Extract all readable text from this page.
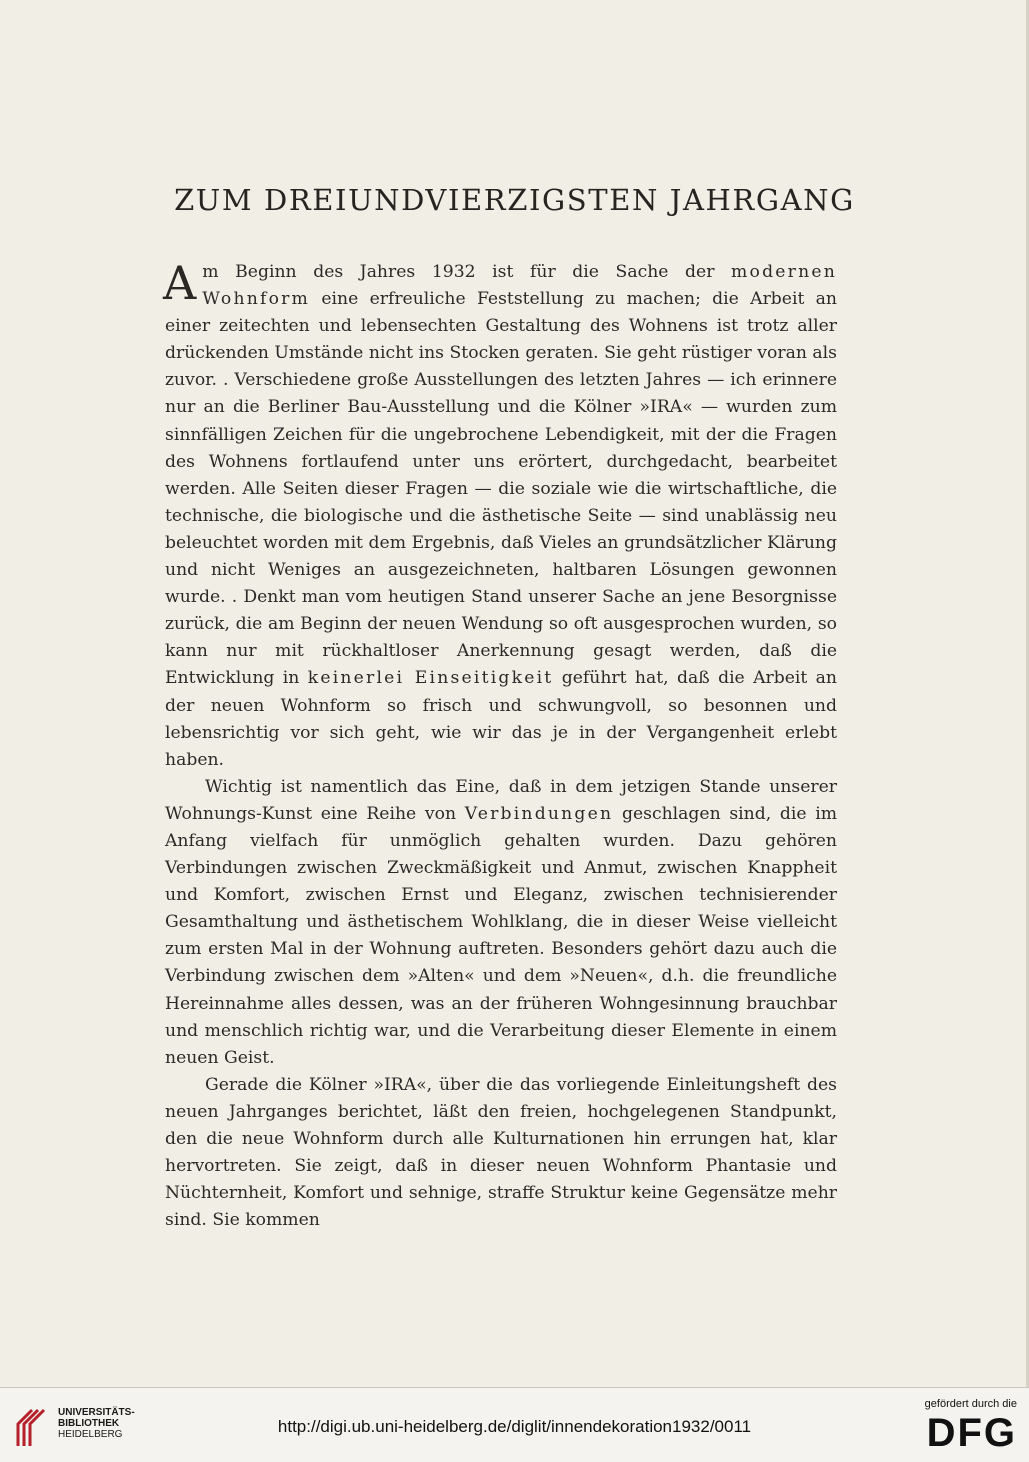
ZUM DREIUNDVIERZIGSTEN JAHRGANG

Am Beginn des Jahres 1932 ist für die Sache der modernen Wohnform eine erfreuliche Feststellung zu machen; die Arbeit an einer zeitechten und lebensechten Gestaltung des Wohnens ist trotz aller drückenden Umstände nicht ins Stocken geraten. Sie geht rüstiger voran als zuvor. . Verschiedene große Ausstellungen des letzten Jahres — ich erinnere nur an die Berliner Bau-Ausstellung und die Kölner »IRA« — wurden zum sinnfälligen Zeichen für die ungebrochene Lebendigkeit, mit der die Fragen des Wohnens fortlaufend unter uns erörtert, durchgedacht, bearbeitet werden. Alle Seiten dieser Fragen — die soziale wie die wirtschaftliche, die technische, die biologische und die ästhetische Seite — sind unablässig neu beleuchtet worden mit dem Ergebnis, daß Vieles an grundsätzlicher Klärung und nicht Weniges an ausgezeichneten, haltbaren Lösungen gewonnen wurde. . Denkt man vom heutigen Stand unserer Sache an jene Besorgnisse zurück, die am Beginn der neuen Wendung so oft ausgesprochen wurden, so kann nur mit rückhaltloser Anerkennung gesagt werden, daß die Entwicklung in keinerlei Einseitigkeit geführt hat, daß die Arbeit an der neuen Wohnform so frisch und schwungvoll, so besonnen und lebensrichtig vor sich geht, wie wir das je in der Vergangenheit erlebt haben.

Wichtig ist namentlich das Eine, daß in dem jetzigen Stande unserer Wohnungs-Kunst eine Reihe von Verbindungen geschlagen sind, die im Anfang vielfach für unmöglich gehalten wurden. Dazu gehören Verbindungen zwischen Zweckmäßigkeit und Anmut, zwischen Knappheit und Komfort, zwischen Ernst und Eleganz, zwischen technisierender Gesamthaltung und ästhetischem Wohlklang, die in dieser Weise vielleicht zum ersten Mal in der Wohnung auftreten. Besonders gehört dazu auch die Verbindung zwischen dem »Alten« und dem »Neuen«, d.h. die freundliche Hereinnahme alles dessen, was an der früheren Wohngesinnung brauchbar und menschlich richtig war, und die Verarbeitung dieser Elemente in einem neuen Geist.

Gerade die Kölner »IRA«, über die das vorliegende Einleitungsheft des neuen Jahrganges berichtet, läßt den freien, hochgelegenen Standpunkt, den die neue Wohnform durch alle Kulturnationen hin errungen hat, klar hervortreten. Sie zeigt, daß in dieser neuen Wohnform Phantasie und Nüchternheit, Komfort und sehnige, straffe Struktur keine Gegensätze mehr sind. Sie kommen

UNIVERSITÄTS-
BIBLIOTHEK
HEIDELBERG	http://digi.ub.uni-heidelberg.de/diglit/innendekoration1932/0011
gefördert durch die
DFG
